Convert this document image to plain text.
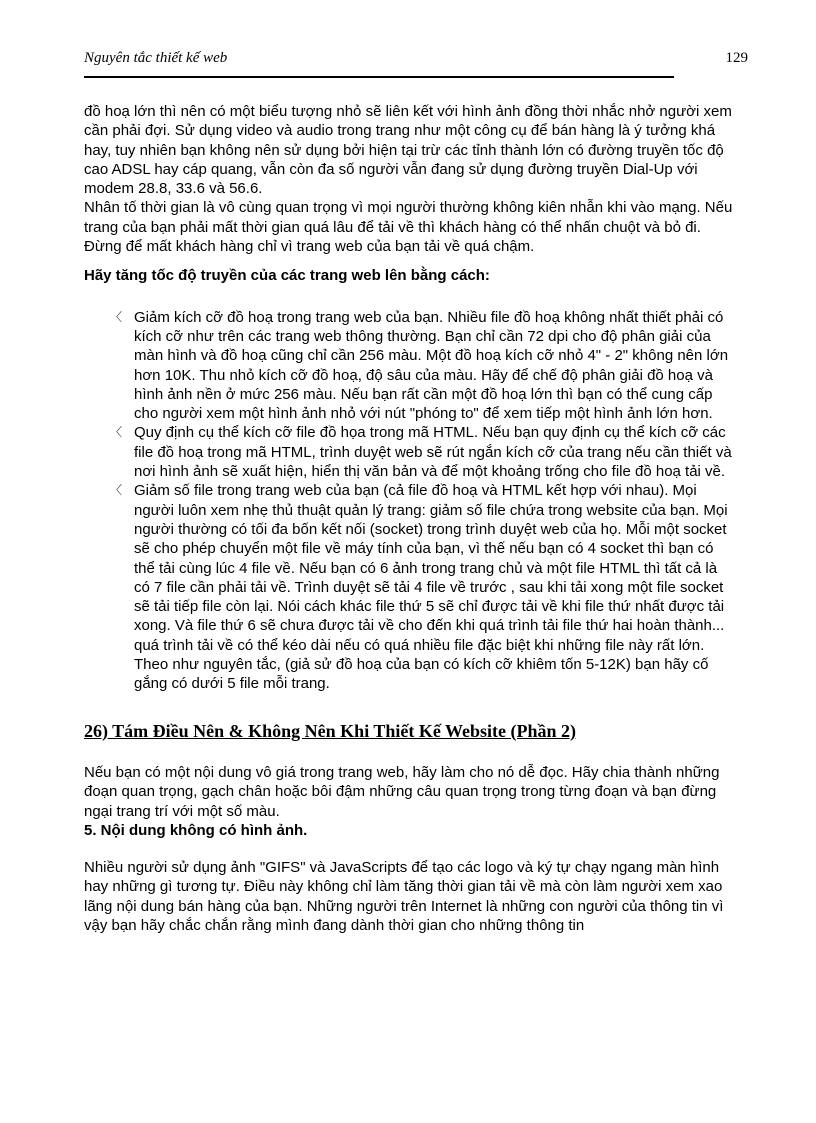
Nguyên tắc thiết kế web	129

đồ hoạ lớn thì nên có một biểu tượng nhỏ sẽ liên kết với hình ảnh đồng thời nhắc nhở người xem cần phải đợi. Sử dụng video và audio trong trang như một công cụ để bán hàng là ý tưởng khá hay, tuy nhiên bạn không nên sử dụng bởi hiện tại trừ các tỉnh thành lớn có đường truyền tốc độ cao ADSL hay cáp quang, vẫn còn đa số người vẫn đang sử dụng đường truyền Dial-Up với modem 28.8, 33.6 và 56.6.

Nhân tố thời gian là vô cùng quan trọng vì mọi người thường không kiên nhẫn khi vào mạng. Nếu trang của bạn phải mất thời gian quá lâu để tải về thì khách hàng có thể nhấn chuột và bỏ đi. Đừng để mất khách hàng chỉ vì trang web của bạn tải về quá chậm.

Hãy tăng tốc độ truyền của các trang web lên bằng cách:

〈 Giảm kích cỡ đồ hoạ trong trang web của bạn. Nhiều file đồ hoạ không nhất thiết phải có kích cỡ như trên các trang web thông thường. Bạn chỉ cần 72 dpi cho độ phân giải của màn hình và đồ hoạ cũng chỉ cần 256 màu. Một đồ hoạ kích cỡ nhỏ 4" - 2" không nên lớn hơn 10K. Thu nhỏ kích cỡ đồ hoạ, độ sâu của màu. Hãy để chế độ phân giải đồ hoạ và hình ảnh nền ở mức 256 màu. Nếu bạn rất cần một đồ hoạ lớn thì bạn có thể cung cấp cho người xem một hình ảnh nhỏ với nút "phóng to" để xem tiếp một hình ảnh lớn hơn.
〈 Quy định cụ thể kích cỡ file đồ họa trong mã HTML. Nếu bạn quy định cụ thể kích cỡ các file đồ hoạ trong mã HTML, trình duyệt web sẽ rút ngắn kích cỡ của trang nếu cần thiết và nơi hình ảnh sẽ xuất hiện, hiển thị văn bản và để một khoảng trống cho file đồ hoạ tải về.
〈 Giảm số file trong trang web của bạn (cả file đồ hoạ và HTML kết hợp với nhau). Mọi người luôn xem nhẹ thủ thuật quản lý trang: giảm số file chứa trong website của bạn. Mọi người thường có tối đa bốn kết nối (socket) trong trình duyệt web của họ. Mỗi một socket sẽ cho phép chuyển một file về máy tính của bạn, vì thế nếu bạn có 4 socket thì bạn có thể tải cùng lúc 4 file về. Nếu bạn có 6 ảnh trong trang chủ và một file HTML thì tất cả là có 7 file cần phải tải về. Trình duyệt sẽ tải 4 file về trước , sau khi tải xong một file socket sẽ tải tiếp file còn lại. Nói cách khác file thứ 5 sẽ chỉ được tải về khi file thứ nhất được tải xong. Và file thứ 6 sẽ chưa được tải về cho đến khi quá trình tải file thứ hai hoàn thành... quá trình tải về có thể kéo dài nếu có quá nhiều file đặc biệt khi những file này rất lớn. Theo như nguyên tắc, (giả sử đồ hoạ của bạn có kích cỡ khiêm tốn 5-12K) bạn hãy cố gắng có dưới 5 file mỗi trang.

26) Tám Điều Nên & Không Nên Khi Thiết Kế Website (Phần 2)

Nếu bạn có một nội dung vô giá trong trang web, hãy làm cho nó dễ đọc. Hãy chia thành những đoạn quan trọng, gạch chân hoặc bôi đậm những câu quan trọng trong từng đoạn và bạn đừng ngại trang trí với một số màu.

5. Nội dung không có hình ảnh.

Nhiều người sử dụng ảnh "GIFS" và JavaScripts để tạo các logo và ký tự chạy ngang màn hình hay những gì tương tự. Điều này không chỉ làm tăng thời gian tải về mà còn làm người xem xao lãng nội dung bán hàng của bạn. Những người trên Internet là những con người của thông tin vì vậy bạn hãy chắc chắn rằng mình đang dành thời gian cho những thông tin
